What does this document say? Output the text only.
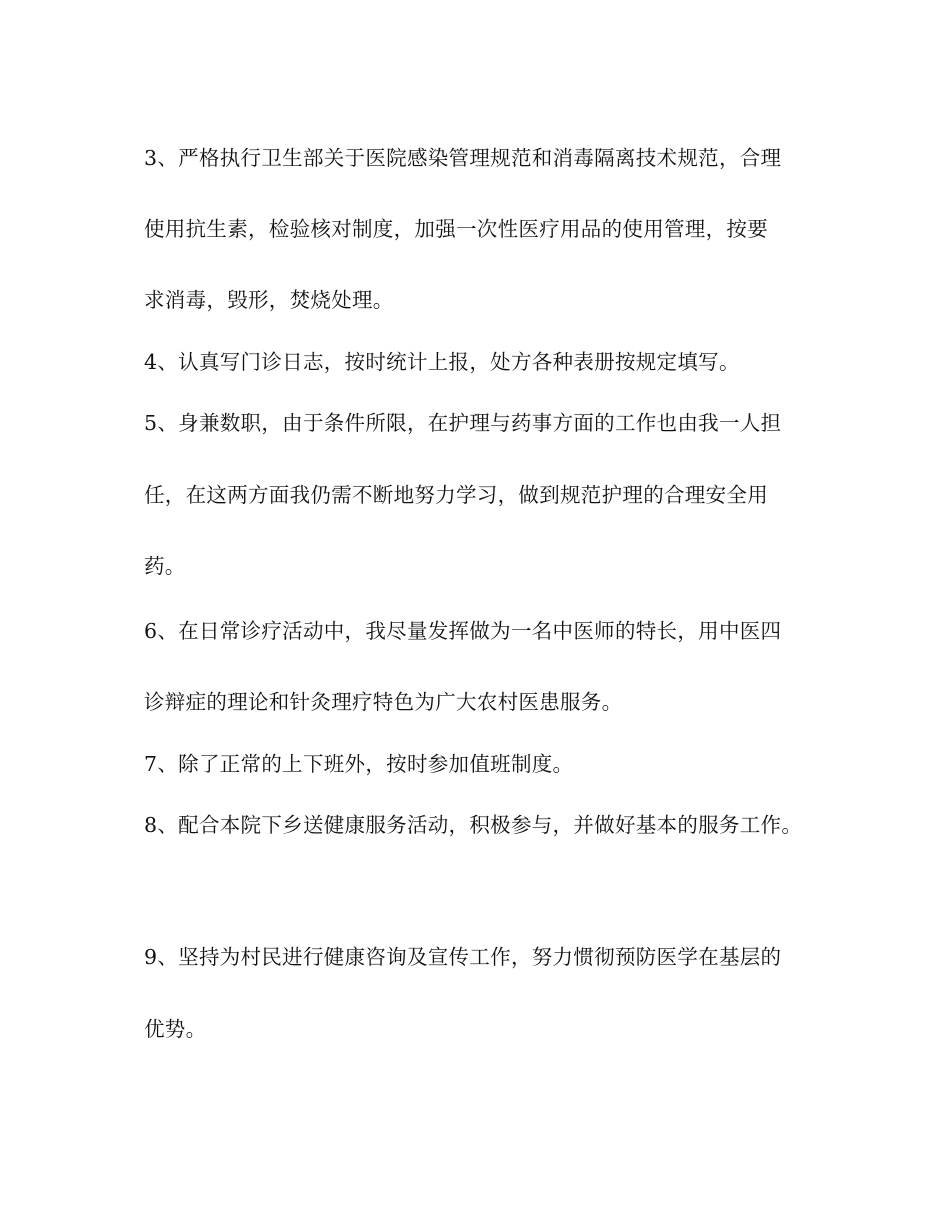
3、严格执行卫生部关于医院感染管理规范和消毒隔离技术规范，合理

使用抗生素，检验核对制度，加强一次性医疗用品的使用管理，按要

求消毒，毁形，焚烧处理。

4、认真写门诊日志，按时统计上报，处方各种表册按规定填写。

5、身兼数职，由于条件所限，在护理与药事方面的工作也由我一人担

任，在这两方面我仍需不断地努力学习，做到规范护理的合理安全用

药。

6、在日常诊疗活动中，我尽量发挥做为一名中医师的特长，用中医四

诊辩症的理论和针灸理疗特色为广大农村医患服务。

7、除了正常的上下班外，按时参加值班制度。

8、配合本院下乡送健康服务活动，积极参与，并做好基本的服务工作。

9、坚持为村民进行健康咨询及宣传工作，努力惯彻预防医学在基层的

优势。
